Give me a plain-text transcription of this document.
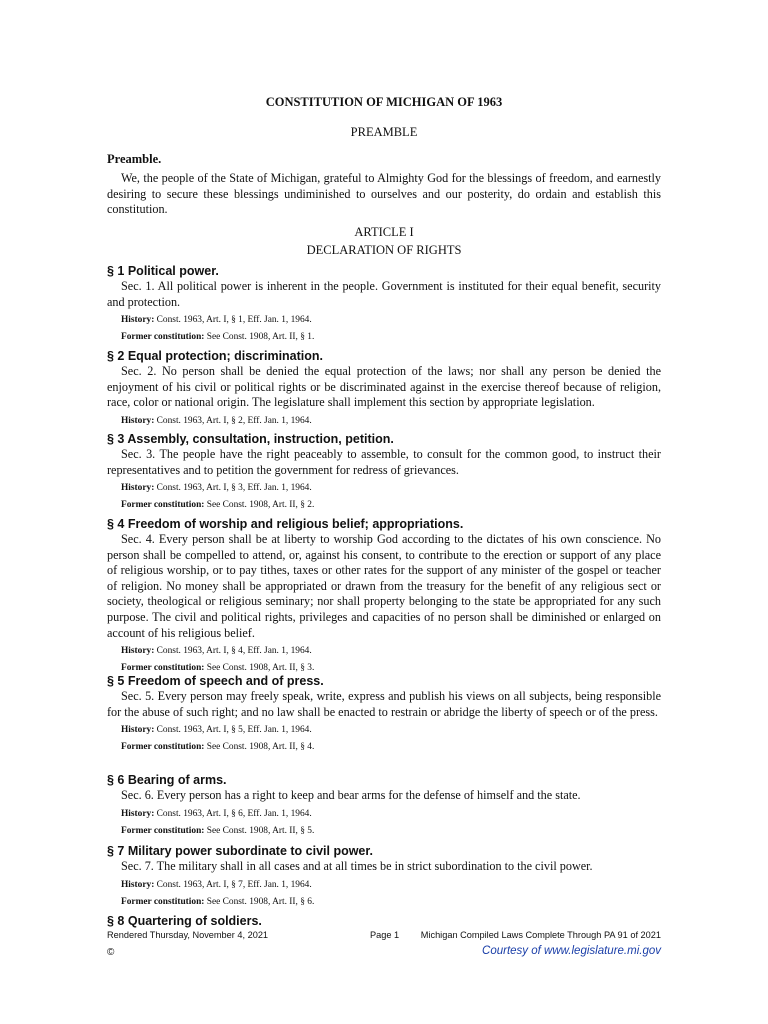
CONSTITUTION OF MICHIGAN OF 1963
PREAMBLE
Preamble.

We, the people of the State of Michigan, grateful to Almighty God for the blessings of freedom, and earnestly desiring to secure these blessings undiminished to ourselves and our posterity, do ordain and establish this constitution.

ARTICLE I
DECLARATION OF RIGHTS
§ 1 Political power.

Sec. 1. All political power is inherent in the people. Government is instituted for their equal benefit, security and protection.

History: Const. 1963, Art. I, § 1, Eff. Jan. 1, 1964.
Former constitution: See Const. 1908, Art. II, § 1.
§ 2 Equal protection; discrimination.

Sec. 2. No person shall be denied the equal protection of the laws; nor shall any person be denied the enjoyment of his civil or political rights or be discriminated against in the exercise thereof because of religion, race, color or national origin. The legislature shall implement this section by appropriate legislation.

History: Const. 1963, Art. I, § 2, Eff. Jan. 1, 1964.
§ 3 Assembly, consultation, instruction, petition.

Sec. 3. The people have the right peaceably to assemble, to consult for the common good, to instruct their representatives and to petition the government for redress of grievances.

History: Const. 1963, Art. I, § 3, Eff. Jan. 1, 1964.
Former constitution: See Const. 1908, Art. II, § 2.
§ 4 Freedom of worship and religious belief; appropriations.

Sec. 4. Every person shall be at liberty to worship God according to the dictates of his own conscience. No person shall be compelled to attend, or, against his consent, to contribute to the erection or support of any place of religious worship, or to pay tithes, taxes or other rates for the support of any minister of the gospel or teacher of religion. No money shall be appropriated or drawn from the treasury for the benefit of any religious sect or society, theological or religious seminary; nor shall property belonging to the state be appropriated for any such purpose. The civil and political rights, privileges and capacities of no person shall be diminished or enlarged on account of his religious belief.

History: Const. 1963, Art. I, § 4, Eff. Jan. 1, 1964.
Former constitution: See Const. 1908, Art. II, § 3.
§ 5 Freedom of speech and of press.

Sec. 5. Every person may freely speak, write, express and publish his views on all subjects, being responsible for the abuse of such right; and no law shall be enacted to restrain or abridge the liberty of speech or of the press.

History: Const. 1963, Art. I, § 5, Eff. Jan. 1, 1964.
Former constitution: See Const. 1908, Art. II, § 4.
§ 6 Bearing of arms.

Sec. 6. Every person has a right to keep and bear arms for the defense of himself and the state.

History: Const. 1963, Art. I, § 6, Eff. Jan. 1, 1964.
Former constitution: See Const. 1908, Art. II, § 5.
§ 7 Military power subordinate to civil power.

Sec. 7. The military shall in all cases and at all times be in strict subordination to the civil power.

History: Const. 1963, Art. I, § 7, Eff. Jan. 1, 1964.
Former constitution: See Const. 1908, Art. II, § 6.
§ 8 Quartering of soldiers.
Rendered Thursday, November 4, 2021	Page 1 Michigan Compiled Laws Complete Through PA 91 of 2021
©	Courtesy of www.legislature.mi.gov
